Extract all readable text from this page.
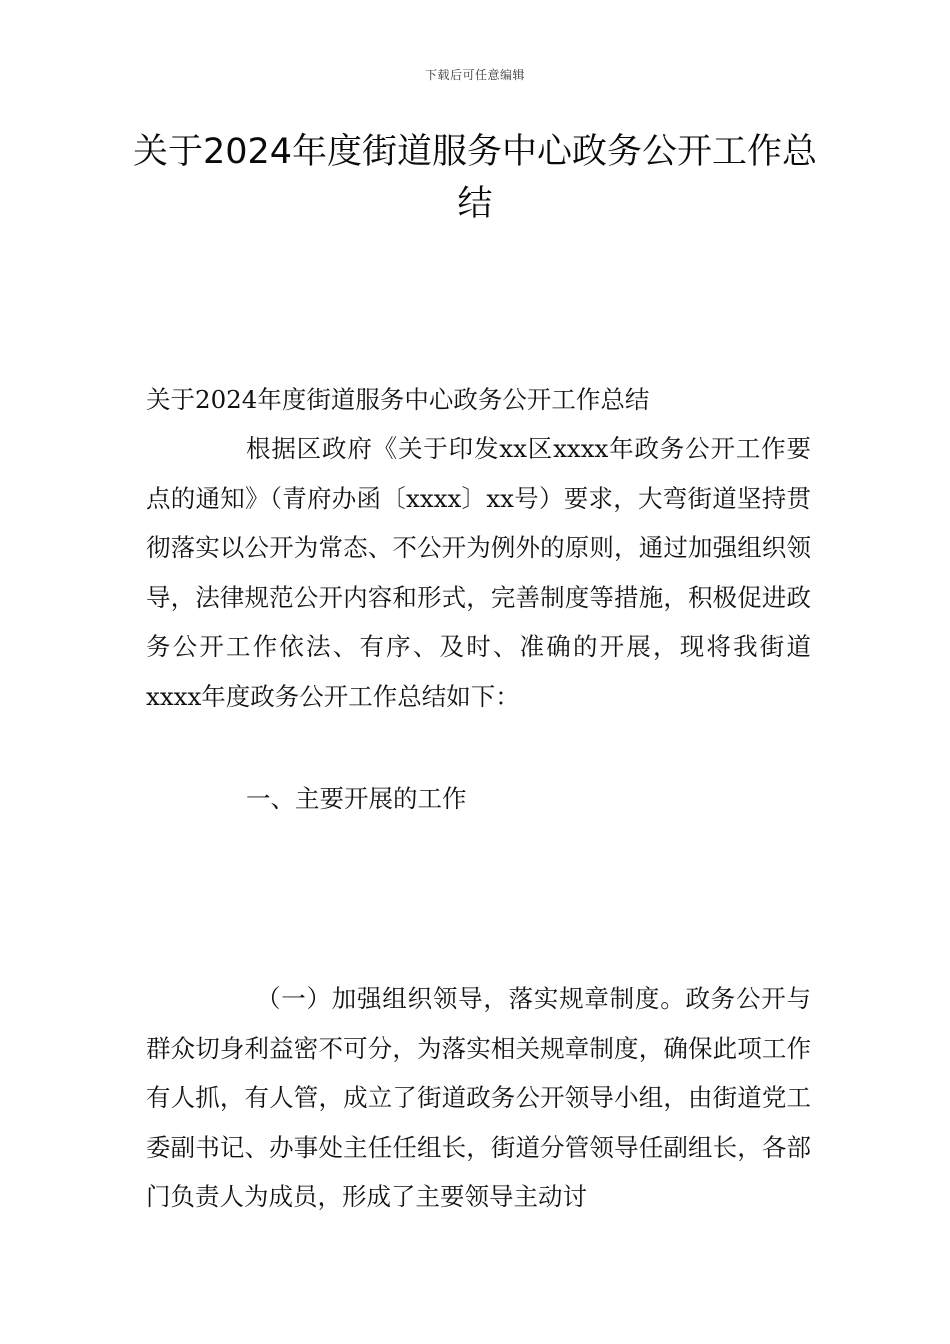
下载后可任意编辑
关于2024年度街道服务中心政务公开工作总结

关于2024年度街道服务中心政务公开工作总结

根据区政府《关于印发xx区xxxx年政务公开工作要点的通知》（青府办函〔xxxx〕xx号）要求，大弯街道坚持贯彻落实以公开为常态、不公开为例外的原则，通过加强组织领导，法律规范公开内容和形式，完善制度等措施，积极促进政务公开工作依法、有序、及时、准确的开展，现将我街道xxxx年度政务公开工作总结如下：

一、主要开展的工作

（一）加强组织领导，落实规章制度。政务公开与群众切身利益密不可分，为落实相关规章制度，确保此项工作有人抓，有人管，成立了街道政务公开领导小组，由街道党工委副书记、办事处主任任组长，街道分管领导任副组长，各部门负责人为成员，形成了主要领导主动讨
